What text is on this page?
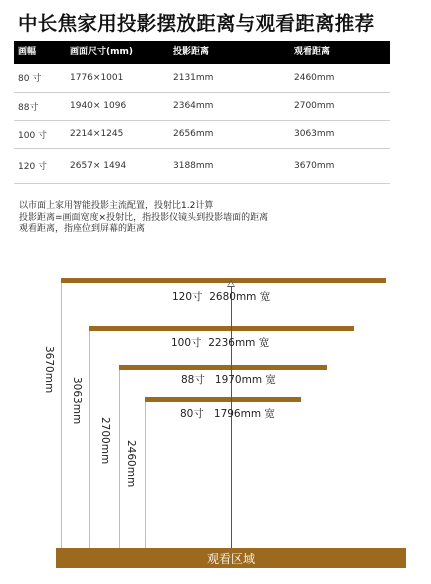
中长焦家用投影摆放距离与观看距离推荐
画幅	画面尺寸(mm)	投影距离	观看距离
80 寸	1776×1001	2131mm	2460mm
88寸	1940× 1096	2364mm	2700mm
100 寸	2214×1245	2656mm	3063mm
120 寸	2657× 1494	3188mm	3670mm
以市面上家用智能投影主流配置，投射比1.2计算
投影距离=画面宽度×投射比，指投影仪镜头到投影墙面的距离
观看距离，指座位到屏幕的距离
120寸 2680mm 宽
100寸 2236mm 宽
88寸 1970mm 宽
80寸 1796mm 宽
3670mm
3063mm
2700mm 2460mm
观看区域
